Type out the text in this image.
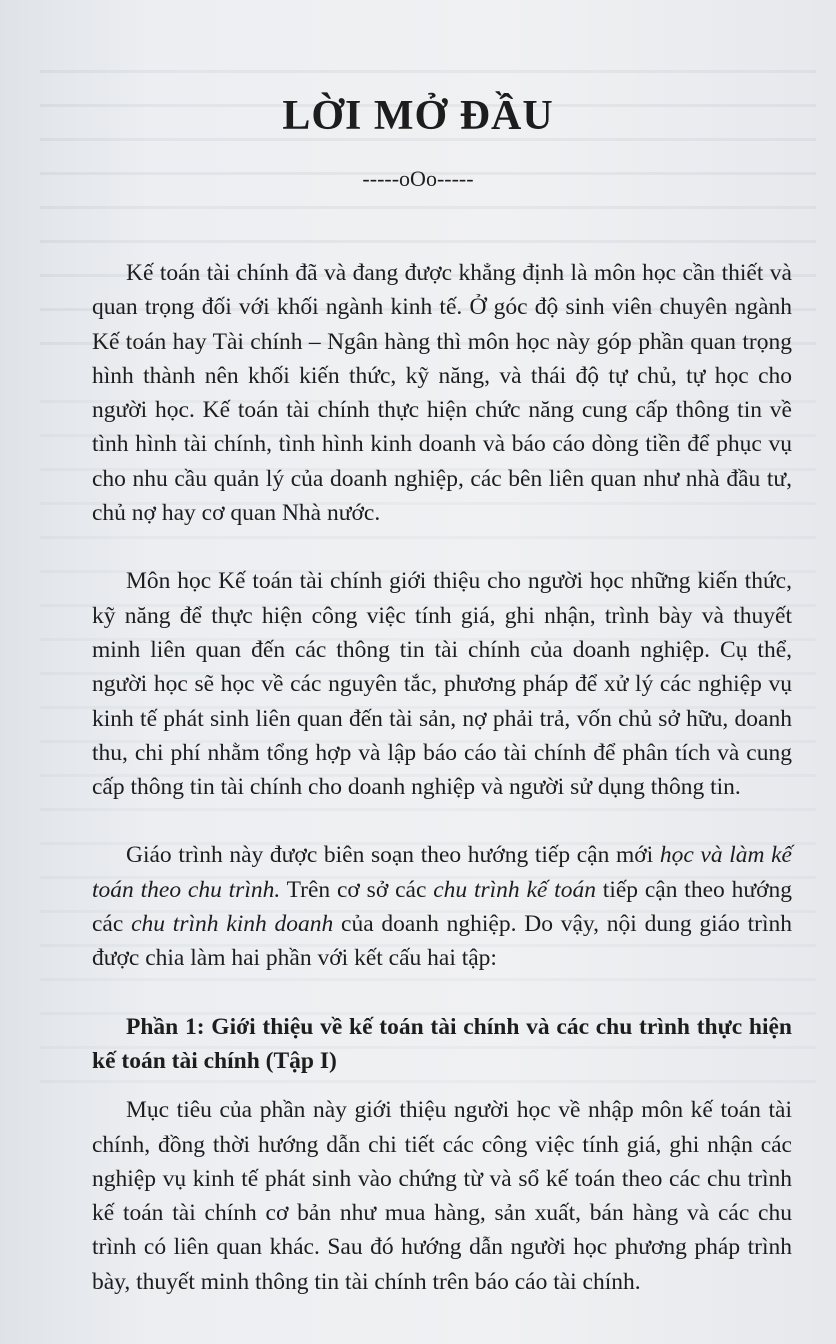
LỜI MỞ ĐẦU
-----oOo-----

Kế toán tài chính đã và đang được khẳng định là môn học cần thiết và quan trọng đối với khối ngành kinh tế. Ở góc độ sinh viên chuyên ngành Kế toán hay Tài chính – Ngân hàng thì môn học này góp phần quan trọng hình thành nên khối kiến thức, kỹ năng, và thái độ tự chủ, tự học cho người học. Kế toán tài chính thực hiện chức năng cung cấp thông tin về tình hình tài chính, tình hình kinh doanh và báo cáo dòng tiền để phục vụ cho nhu cầu quản lý của doanh nghiệp, các bên liên quan như nhà đầu tư, chủ nợ hay cơ quan Nhà nước.

Môn học Kế toán tài chính giới thiệu cho người học những kiến thức, kỹ năng để thực hiện công việc tính giá, ghi nhận, trình bày và thuyết minh liên quan đến các thông tin tài chính của doanh nghiệp. Cụ thể, người học sẽ học về các nguyên tắc, phương pháp để xử lý các nghiệp vụ kinh tế phát sinh liên quan đến tài sản, nợ phải trả, vốn chủ sở hữu, doanh thu, chi phí nhằm tổng hợp và lập báo cáo tài chính để phân tích và cung cấp thông tin tài chính cho doanh nghiệp và người sử dụng thông tin.

Giáo trình này được biên soạn theo hướng tiếp cận mới học và làm kế toán theo chu trình. Trên cơ sở các chu trình kế toán tiếp cận theo hướng các chu trình kinh doanh của doanh nghiệp. Do vậy, nội dung giáo trình được chia làm hai phần với kết cấu hai tập:

Phần 1: Giới thiệu về kế toán tài chính và các chu trình thực hiện kế toán tài chính (Tập I)

Mục tiêu của phần này giới thiệu người học về nhập môn kế toán tài chính, đồng thời hướng dẫn chi tiết các công việc tính giá, ghi nhận các nghiệp vụ kinh tế phát sinh vào chứng từ và sổ kế toán theo các chu trình kế toán tài chính cơ bản như mua hàng, sản xuất, bán hàng và các chu trình có liên quan khác. Sau đó hướng dẫn người học phương pháp trình bày, thuyết minh thông tin tài chính trên báo cáo tài chính.
